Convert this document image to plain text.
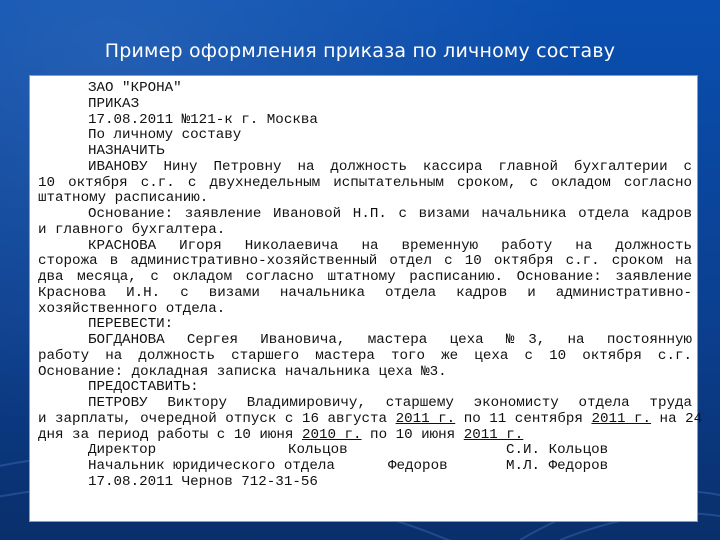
Пример оформления приказа по личному составу
ЗАО "КРОНА"
ПРИКАЗ
17.08.2011 №121-к г. Москва
По личному составу
НАЗНАЧИТЬ
ИВАНОВУ Нину Петровну на должность кассира главной бухгалтерии с
10 октября с.г. с двухнедельным испытательным сроком, с окладом согласно
штатному расписанию.
Основание: заявление Ивановой Н.П. с визами начальника отдела кадров
и главного бухгалтера.
КРАСНОВА Игоря Николаевича на временную работу на должность
сторожа в административно-хозяйственный отдел с 10 октября с.г. сроком на
два месяца, с окладом согласно штатному расписанию. Основание: заявление
Краснова И.Н. с визами начальника отдела кадров и административно-
хозяйственного отдела.
ПЕРЕВЕСТИ:
БОГДАНОВА Сергея Ивановича, мастера цеха №3, на постоянную
работу на должность старшего мастера того же цеха с 10 октября с.г.
Основание: докладная записка начальника цеха №3.
ПРЕДОСТАВИТЬ:
ПЕТРОВУ Виктору Владимировичу, старшему экономисту отдела труда
и зарплаты, очередной отпуск с 16 августа 2011 г. по 11 сентября 2011 г. на 24
дня за период работы с 10 июня 2010 г. по 10 июня 2011 г.
Директор	Кольцов	С.И. Кольцов
Начальник юридического отдела	Федоров	М.Л. Федоров
17.08.2011 Чернов 712-31-56
